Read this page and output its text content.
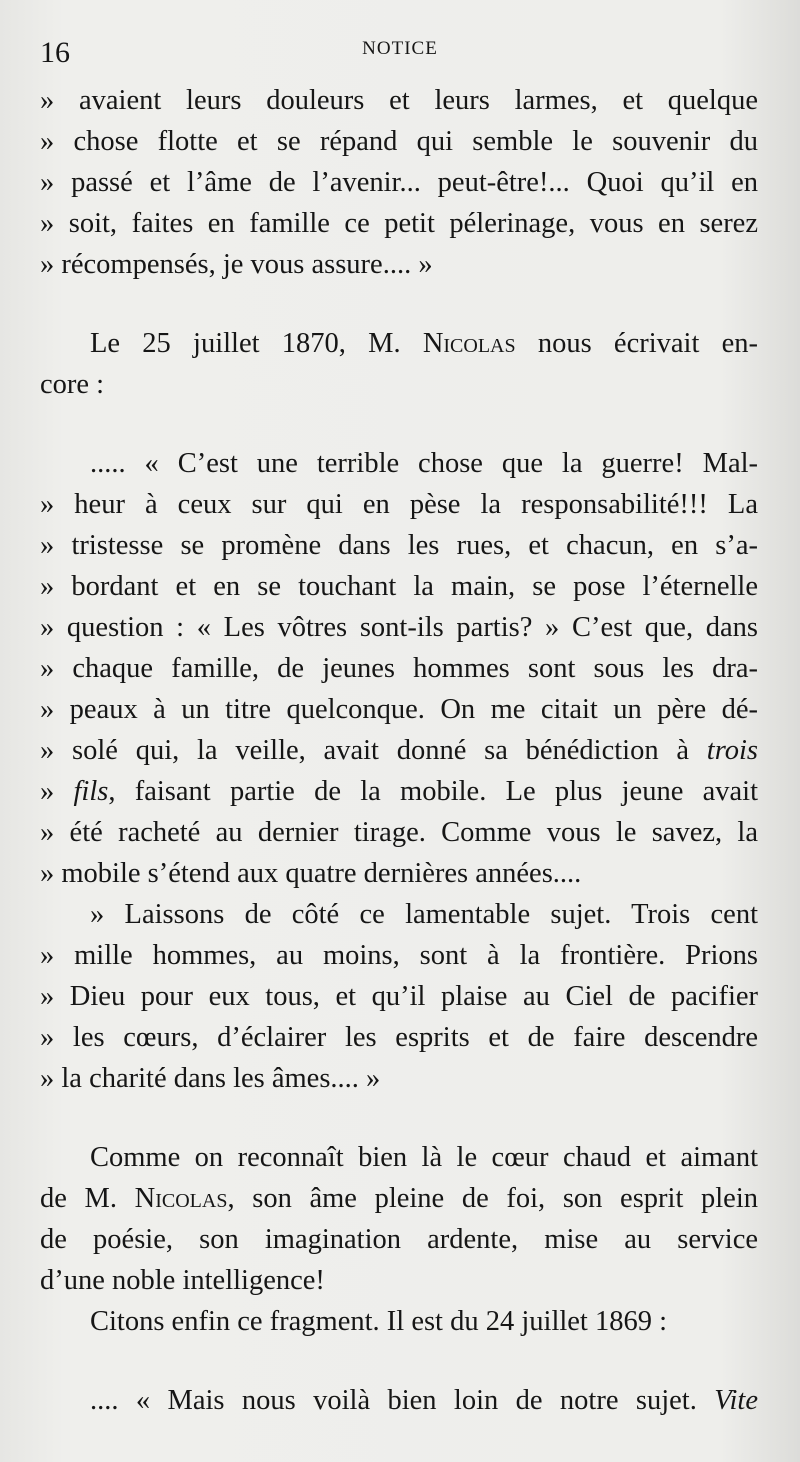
16	NOTICE
» avaient leurs douleurs et leurs larmes, et quelque
» chose flotte et se répand qui semble le souvenir du
» passé et l’âme de l’avenir... peut-être!... Quoi qu’il en
» soit, faites en famille ce petit pélerinage, vous en serez
» récompensés, je vous assure.... »
Le 25 juillet 1870, M. Nicolas nous écrivait en-
core :
..... « C’est une terrible chose que la guerre! Mal-
» heur à ceux sur qui en pèse la responsabilité!!! La
» tristesse se promène dans les rues, et chacun, en s’a-
» bordant et en se touchant la main, se pose l’éternelle
» question : « Les vôtres sont-ils partis? » C’est que, dans
» chaque famille, de jeunes hommes sont sous les dra-
» peaux à un titre quelconque. On me citait un père dé-
» solé qui, la veille, avait donné sa bénédiction à trois
» fils, faisant partie de la mobile. Le plus jeune avait
» été racheté au dernier tirage. Comme vous le savez, la
» mobile s’étend aux quatre dernières années....
» Laissons de côté ce lamentable sujet. Trois cent
» mille hommes, au moins, sont à la frontière. Prions
» Dieu pour eux tous, et qu’il plaise au Ciel de pacifier
» les cœurs, d’éclairer les esprits et de faire descendre
» la charité dans les âmes.... »
Comme on reconnaît bien là le cœur chaud et aimant
de M. Nicolas, son âme pleine de foi, son esprit plein
de poésie, son imagination ardente, mise au service
d’une noble intelligence!
Citons enfin ce fragment. Il est du 24 juillet 1869 :
.... « Mais nous voilà bien loin de notre sujet. Vite
